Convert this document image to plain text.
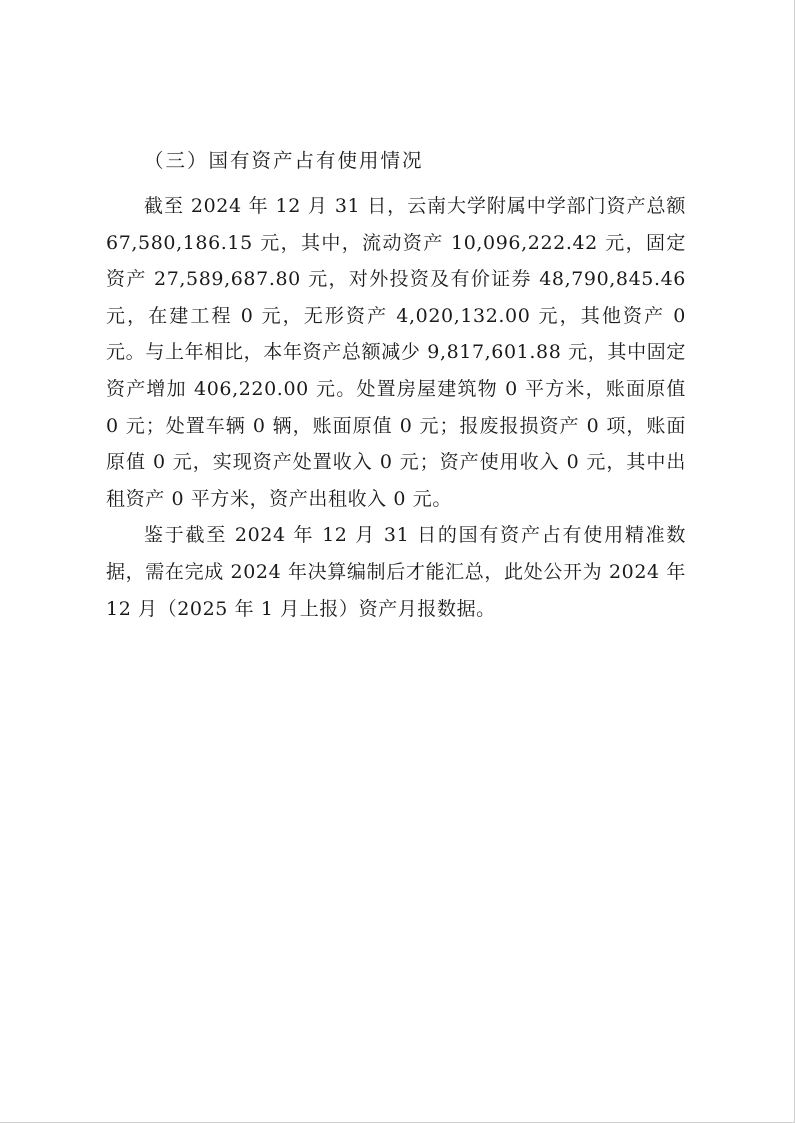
（三）国有资产占有使用情况

截至 2024 年 12 月 31 日，云南大学附属中学部门资产总额 67,580,186.15 元，其中，流动资产 10,096,222.42 元，固定资产 27,589,687.80 元，对外投资及有价证券 48,790,845.46 元，在建工程 0 元，无形资产 4,020,132.00 元，其他资产 0 元。与上年相比，本年资产总额减少 9,817,601.88 元，其中固定资产增加 406,220.00 元。处置房屋建筑物 0 平方米，账面原值 0 元；处置车辆 0 辆，账面原值 0 元；报废报损资产 0 项，账面原值 0 元，实现资产处置收入 0 元；资产使用收入 0 元，其中出租资产 0 平方米，资产出租收入 0 元。

鉴于截至 2024 年 12 月 31 日的国有资产占有使用精准数据，需在完成 2024 年决算编制后才能汇总，此处公开为 2024 年 12 月（2025 年 1 月上报）资产月报数据。
